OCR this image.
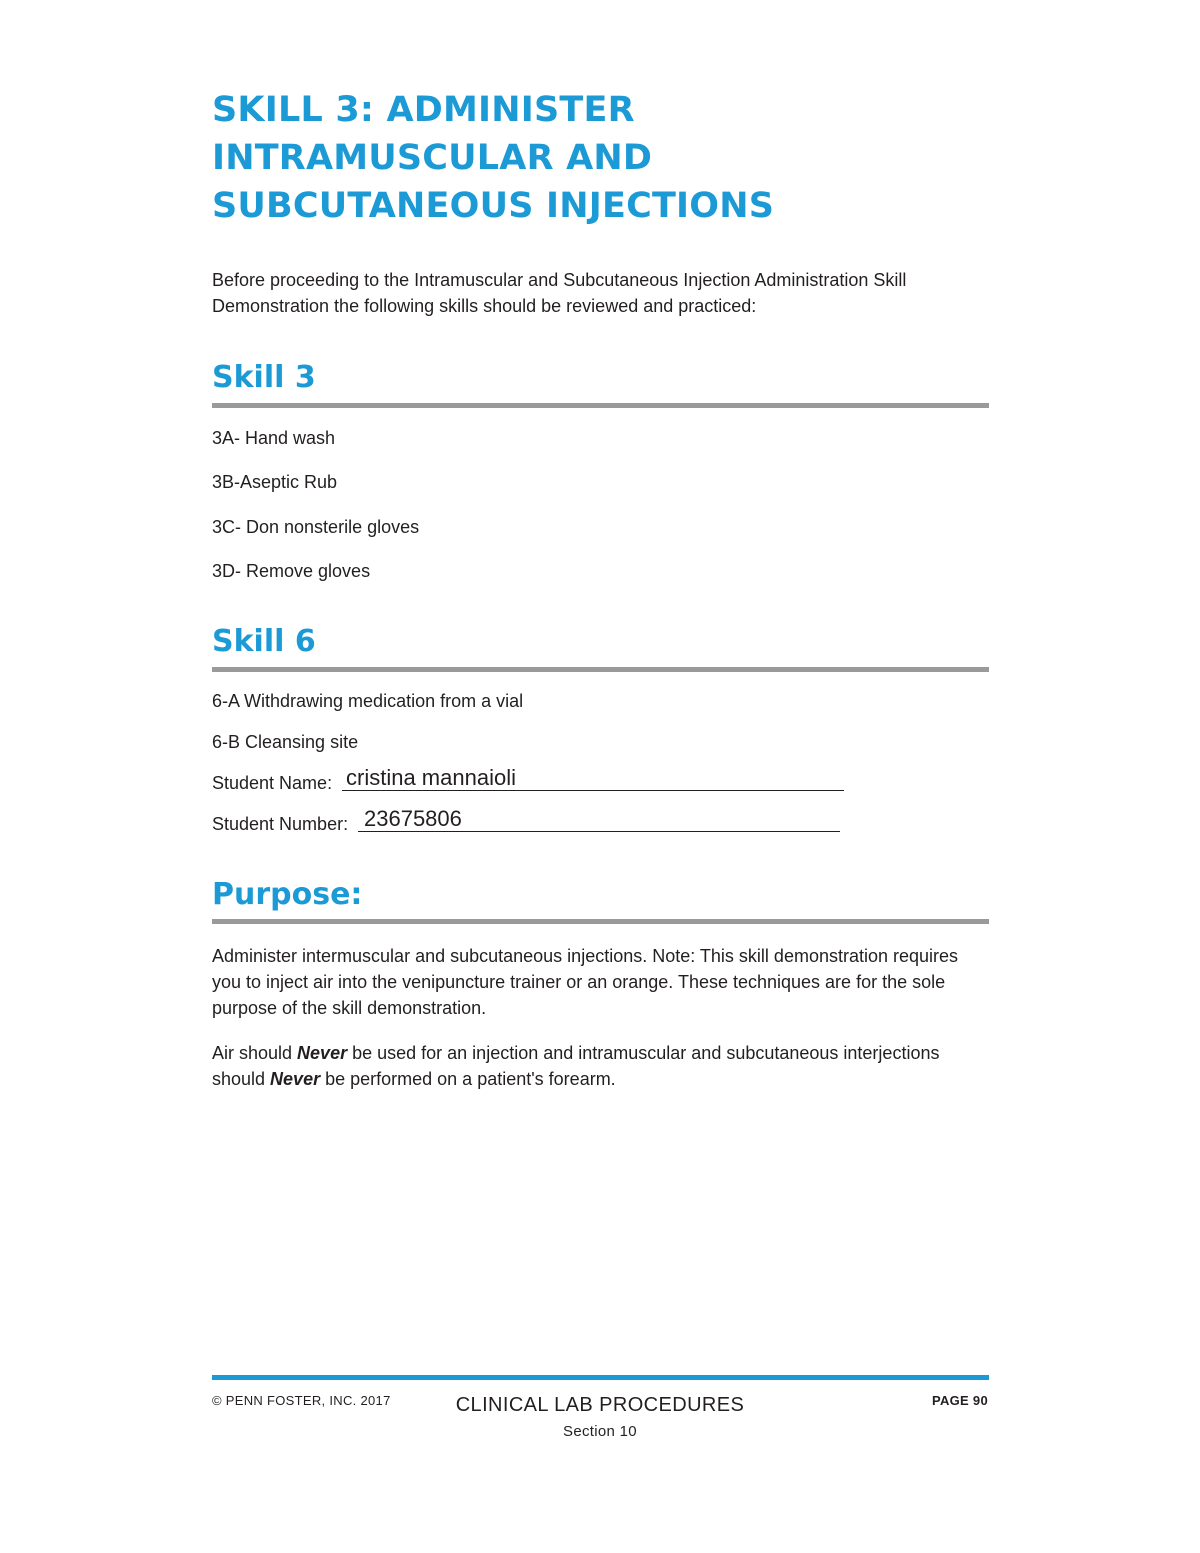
SKILL 3: ADMINISTER
INTRAMUSCULAR AND
SUBCUTANEOUS INJECTIONS

Before proceeding to the Intramuscular and Subcutaneous Injection Administration Skill Demonstration the following skills should be reviewed and practiced:

Skill 3

3A- Hand wash

3B-Aseptic Rub

3C- Don nonsterile gloves

3D- Remove gloves

Skill 6

6-A Withdrawing medication from a vial

6-B Cleansing site

Student Name: cristina mannaioli
Student Number: 23675806
Purpose:

Administer intermuscular and subcutaneous injections. Note: This skill demonstration requires you to inject air into the venipuncture trainer or an orange. These techniques are for the sole purpose of the skill demonstration.

Air should Never be used for an injection and intramuscular and subcutaneous interjections should Never be performed on a patient's forearm.

© PENN FOSTER, INC. 2017	CLINICAL LAB PROCEDURES
Section 10
PAGE 90
